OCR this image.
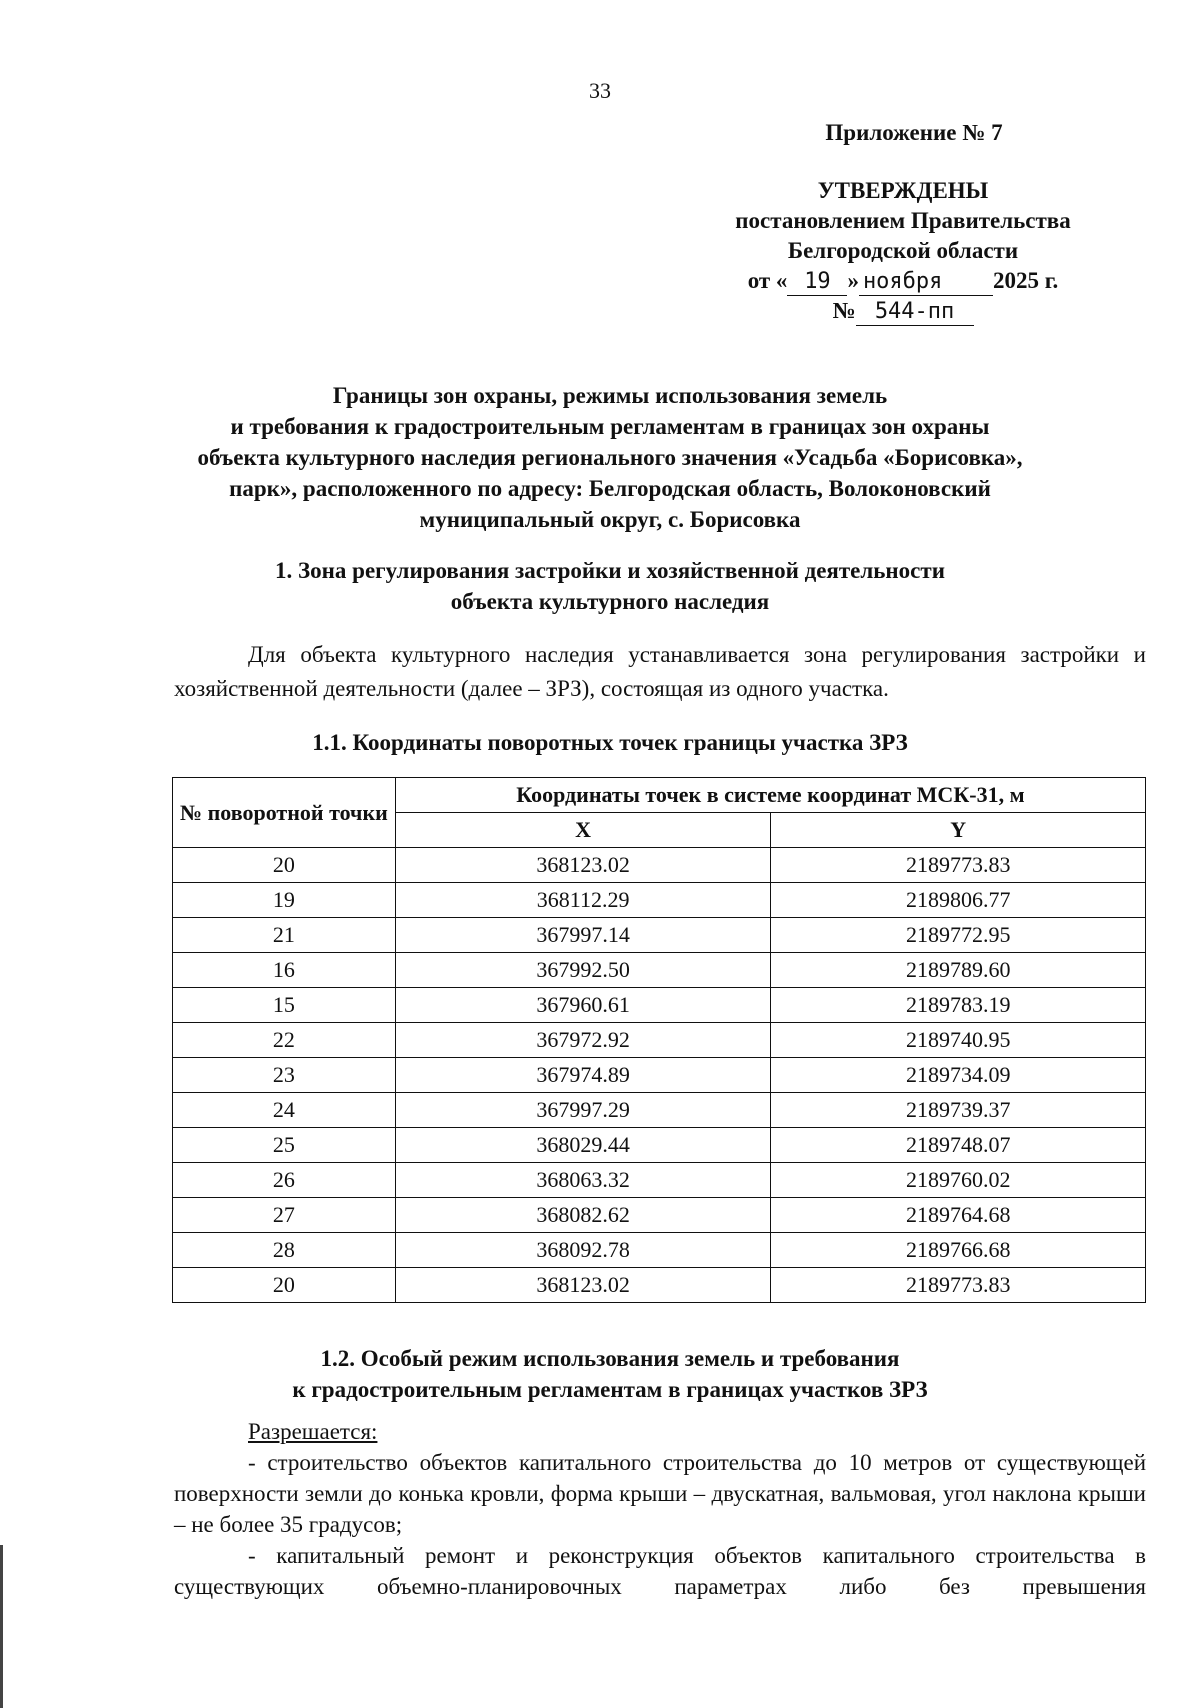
33
Приложение № 7
УТВЕРЖДЕНЫ
постановлением Правительства
Белгородской области
от « 19 » ноября 2025 г.
№ 544-пп
Границы зон охраны, режимы использования земель
и требования к градостроительным регламентам в границах зон охраны
объекта культурного наследия регионального значения «Усадьба «Борисовка»,
парк», расположенного по адресу: Белгородская область, Волоконовский
муниципальный округ, с. Борисовка
1. Зона регулирования застройки и хозяйственной деятельности
объекта культурного наследия
Для объекта культурного наследия устанавливается зона регулирования застройки и хозяйственной деятельности (далее – ЗРЗ), состоящая из одного участка.
1.1. Координаты поворотных точек границы участка ЗРЗ
№ поворотной точки	Координаты точек в системе координат МСК-31, м	
	X	Y
20	368123.02	2189773.83
19	368112.29	2189806.77
21	367997.14	2189772.95
16	367992.50	2189789.60
15	367960.61	2189783.19
22	367972.92	2189740.95
23	367974.89	2189734.09
24	367997.29	2189739.37
25	368029.44	2189748.07
26	368063.32	2189760.02
27	368082.62	2189764.68
28	368092.78	2189766.68
20	368123.02	2189773.83
1.2. Особый режим использования земель и требования
к градостроительным регламентам в границах участков ЗРЗ
Разрешается:

- строительство объектов капитального строительства до 10 метров от существующей поверхности земли до конька кровли, форма крыши – двускатная, вальмовая, угол наклона крыши – не более 35 градусов;

- капитальный ремонт и реконструкция объектов капитального строительства в существующих объемно-планировочных параметрах либо без превышения
